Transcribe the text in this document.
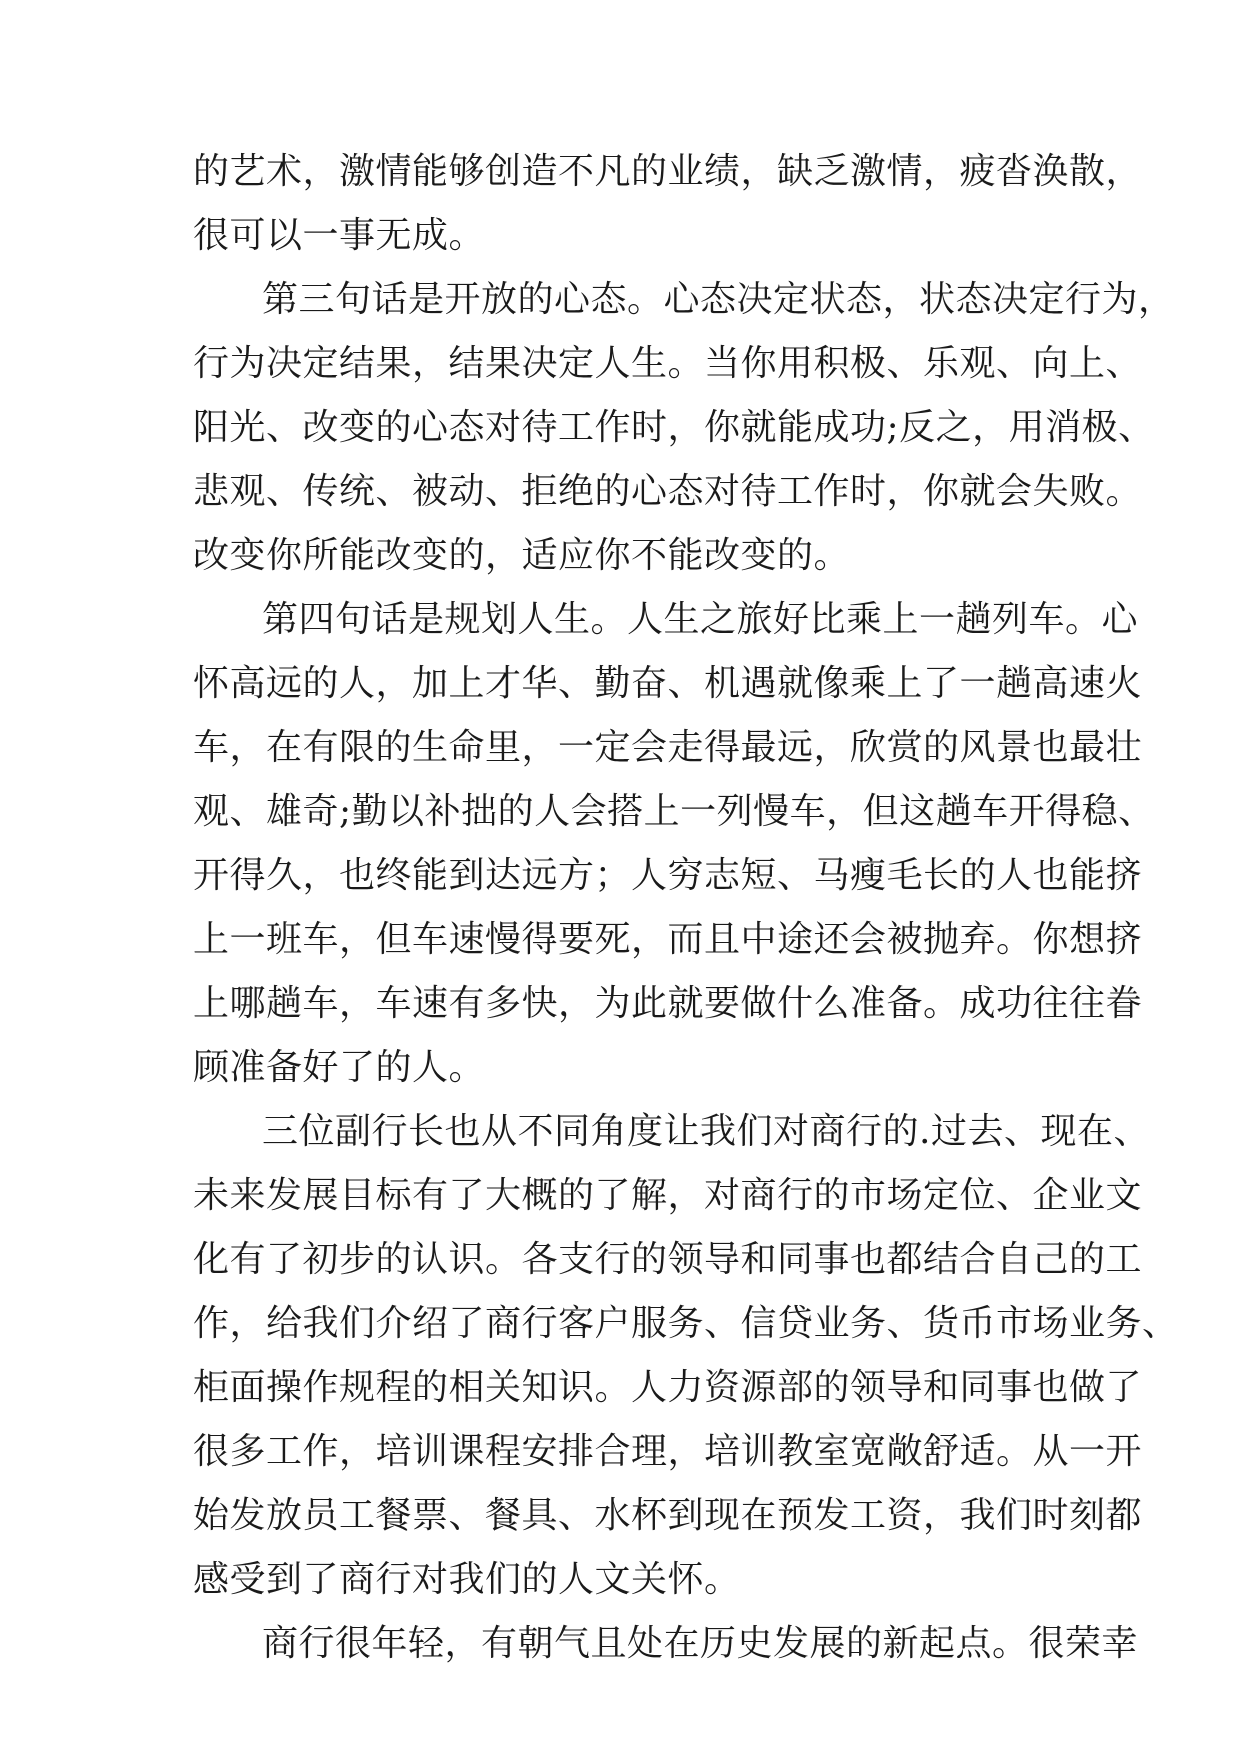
的艺术，激情能够创造不凡的业绩，缺乏激情，疲沓涣散，
很可以一事无成。
第三句话是开放的心态。心态决定状态，状态决定行为，
行为决定结果，结果决定人生。当你用积极、乐观、向上、
阳光、改变的心态对待工作时，你就能成功;反之，用消极、
悲观、传统、被动、拒绝的心态对待工作时，你就会失败。
改变你所能改变的，适应你不能改变的。
第四句话是规划人生。人生之旅好比乘上一趟列车。心
怀高远的人，加上才华、勤奋、机遇就像乘上了一趟高速火
车，在有限的生命里，一定会走得最远，欣赏的风景也最壮
观、雄奇;勤以补拙的人会搭上一列慢车，但这趟车开得稳、
开得久，也终能到达远方；人穷志短、马瘦毛长的人也能挤
上一班车，但车速慢得要死，而且中途还会被抛弃。你想挤
上哪趟车，车速有多快，为此就要做什么准备。成功往往眷
顾准备好了的人。
三位副行长也从不同角度让我们对商行的.过去、现在、
未来发展目标有了大概的了解，对商行的市场定位、企业文
化有了初步的认识。各支行的领导和同事也都结合自己的工
作，给我们介绍了商行客户服务、信贷业务、货币市场业务、
柜面操作规程的相关知识。人力资源部的领导和同事也做了
很多工作，培训课程安排合理，培训教室宽敞舒适。从一开
始发放员工餐票、餐具、水杯到现在预发工资，我们时刻都
感受到了商行对我们的人文关怀。
商行很年轻，有朝气且处在历史发展的新起点。很荣幸
